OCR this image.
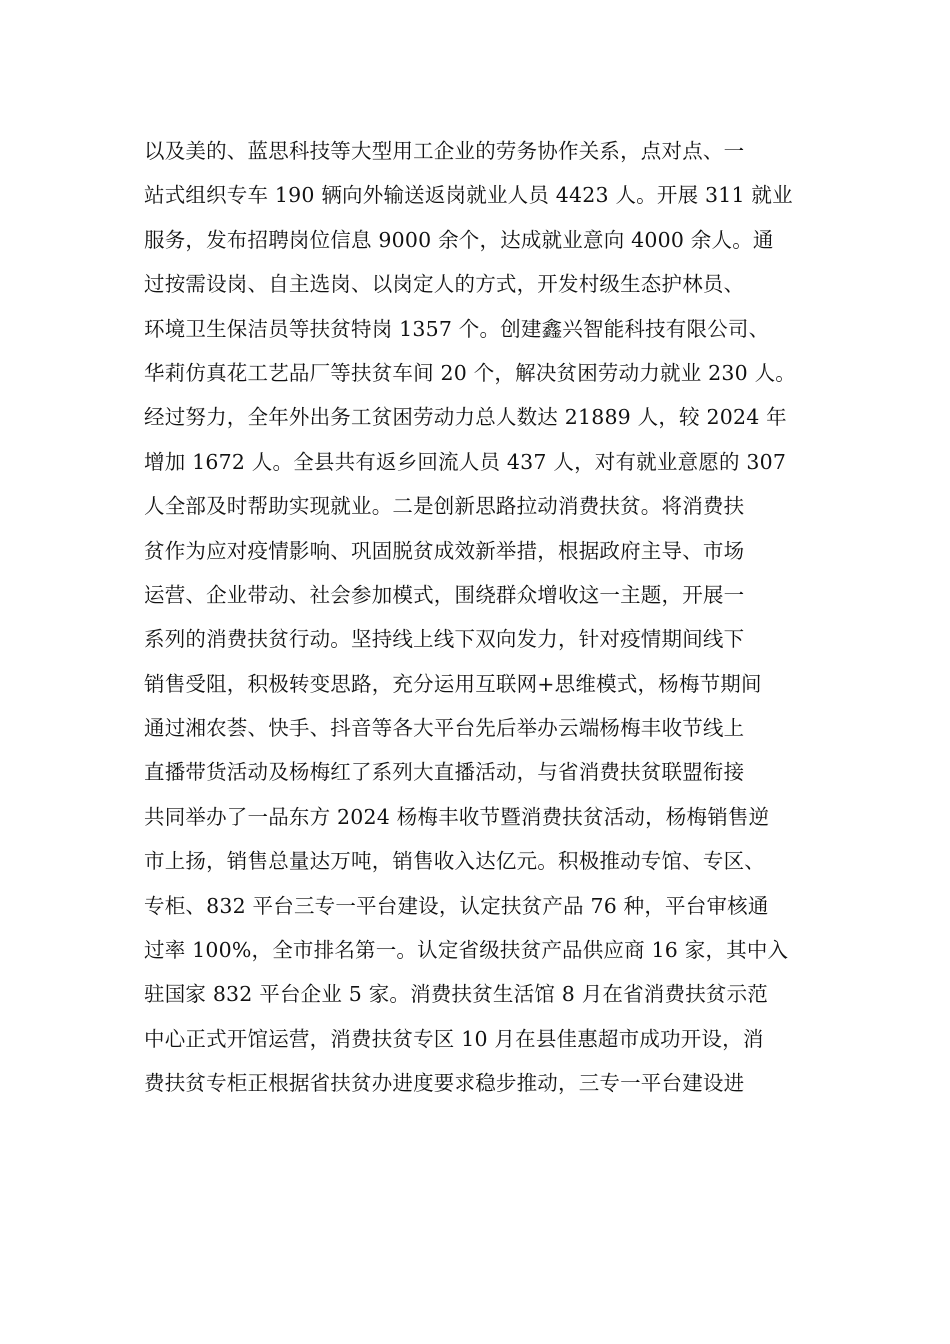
以及美的、蓝思科技等大型用工企业的劳务协作关系，点对点、一
站式组织专车 190 辆向外输送返岗就业人员 4423 人。开展 311 就业
服务，发布招聘岗位信息 9000 余个，达成就业意向 4000 余人。通
过按需设岗、自主选岗、以岗定人的方式，开发村级生态护林员、
环境卫生保洁员等扶贫特岗 1357 个。创建鑫兴智能科技有限公司、
华莉仿真花工艺品厂等扶贫车间 20 个，解决贫困劳动力就业 230 人。
经过努力，全年外出务工贫困劳动力总人数达 21889 人，较 2024 年
增加 1672 人。全县共有返乡回流人员 437 人，对有就业意愿的 307
人全部及时帮助实现就业。二是创新思路拉动消费扶贫。将消费扶
贫作为应对疫情影响、巩固脱贫成效新举措，根据政府主导、市场
运营、企业带动、社会参加模式，围绕群众增收这一主题，开展一
系列的消费扶贫行动。坚持线上线下双向发力，针对疫情期间线下
销售受阻，积极转变思路，充分运用互联网+思维模式，杨梅节期间
通过湘农荟、快手、抖音等各大平台先后举办云端杨梅丰收节线上
直播带货活动及杨梅红了系列大直播活动，与省消费扶贫联盟衔接
共同举办了一品东方 2024 杨梅丰收节暨消费扶贫活动，杨梅销售逆
市上扬，销售总量达万吨，销售收入达亿元。积极推动专馆、专区、
专柜、832 平台三专一平台建设，认定扶贫产品 76 种，平台审核通
过率 100%，全市排名第一。认定省级扶贫产品供应商 16 家，其中入
驻国家 832 平台企业 5 家。消费扶贫生活馆 8 月在省消费扶贫示范
中心正式开馆运营，消费扶贫专区 10 月在县佳惠超市成功开设，消
费扶贫专柜正根据省扶贫办进度要求稳步推动，三专一平台建设进
